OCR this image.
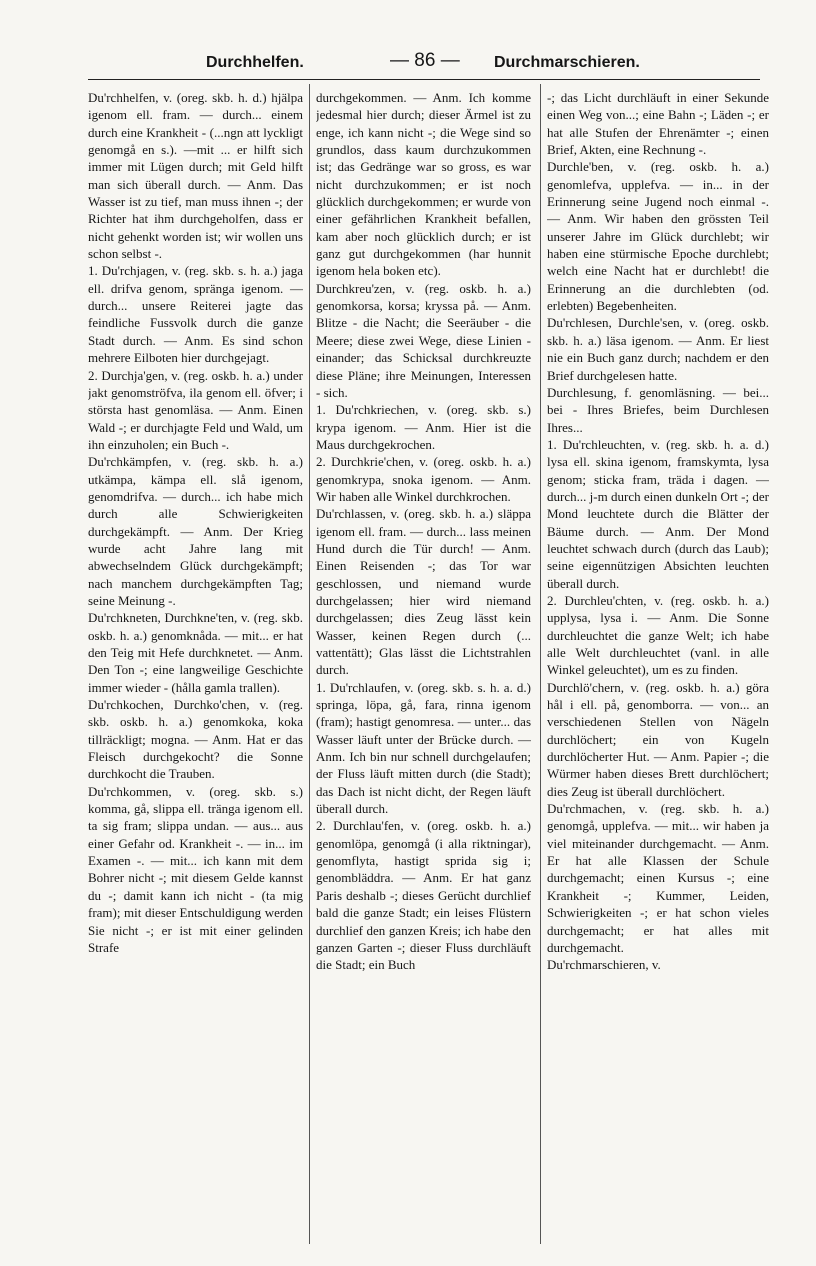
Durchhelfen.	— 86 — Durchmarschieren.

Du'rchhelfen, v. (oreg. skb. h. d.) hjälpa igenom ell. fram. — durch... einem durch eine Krankheit - (...ngn att lyckligt genomgå en s.). —mit ... er hilft sich immer mit Lügen durch; mit Geld hilft man sich überall durch. — Anm. Das Wasser ist zu tief, man muss ihnen -; der Richter hat ihm durchgeholfen, dass er nicht gehenkt worden ist; wir wollen uns schon selbst -.

1. Du'rchjagen, v. (reg. skb. s. h. a.) jaga ell. drifva genom, spränga igenom. — durch... unsere Reiterei jagte das feindliche Fussvolk durch die ganze Stadt durch. — Anm. Es sind schon mehrere Eilboten hier durchgejagt.

2. Durchja'gen, v. (reg. oskb. h. a.) under jakt genomströfva, ila genom ell. öfver; i största hast genomläsa. — Anm. Einen Wald -; er durchjagte Feld und Wald, um ihn einzuholen; ein Buch -.

Du'rchkämpfen, v. (reg. skb. h. a.) utkämpa, kämpa ell. slå igenom, genomdrifva. — durch... ich habe mich durch alle Schwierigkeiten durchgekämpft. — Anm. Der Krieg wurde acht Jahre lang mit abwechselndem Glück durchgekämpft; nach manchem durchgekämpften Tag; seine Meinung -.

Du'rchkneten, Durchkne'ten, v. (reg. skb. oskb. h. a.) genomknåda. — mit... er hat den Teig mit Hefe durchknetet. — Anm. Den Ton -; eine langweilige Geschichte immer wieder - (hålla gamla trallen).

Du'rchkochen, Durchko'chen, v. (reg. skb. oskb. h. a.) genomkoka, koka tillräckligt; mogna. — Anm. Hat er das Fleisch durchgekocht? die Sonne durchkocht die Trauben.

Du'rchkommen, v. (oreg. skb. s.) komma, gå, slippa ell. tränga igenom ell. ta sig fram; slippa undan. — aus... aus einer Gefahr od. Krankheit -. — in... im Examen -. — mit... ich kann mit dem Bohrer nicht -; mit diesem Gelde kannst du -; damit kann ich nicht - (ta mig fram); mit dieser Entschuldigung werden Sie nicht -; er ist mit einer gelinden Strafe

durchgekommen. — Anm. Ich komme jedesmal hier durch; dieser Ärmel ist zu enge, ich kann nicht -; die Wege sind so grundlos, dass kaum durchzukommen ist; das Gedränge war so gross, es war nicht durchzukommen; er ist noch glücklich durchgekommen; er wurde von einer gefährlichen Krankheit befallen, kam aber noch glücklich durch; er ist ganz gut durchgekommen (har hunnit igenom hela boken etc).

Durchkreu'zen, v. (reg. oskb. h. a.) genomkorsa, korsa; kryssa på. — Anm. Blitze - die Nacht; die Seeräuber - die Meere; diese zwei Wege, diese Linien - einander; das Schicksal durchkreuzte diese Pläne; ihre Meinungen, Interessen - sich.

1. Du'rchkriechen, v. (oreg. skb. s.) krypa igenom. — Anm. Hier ist die Maus durchgekrochen.

2. Durchkrie'chen, v. (oreg. oskb. h. a.) genomkrypa, snoka igenom. — Anm. Wir haben alle Winkel durchkrochen.

Du'rchlassen, v. (oreg. skb. h. a.) släppa igenom ell. fram. — durch... lass meinen Hund durch die Tür durch! — Anm. Einen Reisenden -; das Tor war geschlossen, und niemand wurde durchgelassen; hier wird niemand durchgelassen; dies Zeug lässt kein Wasser, keinen Regen durch (... vattentätt); Glas lässt die Lichtstrahlen durch.

1. Du'rchlaufen, v. (oreg. skb. s. h. a. d.) springa, löpa, gå, fara, rinna igenom (fram); hastigt genomresa. — unter... das Wasser läuft unter der Brücke durch. — Anm. Ich bin nur schnell durchgelaufen; der Fluss läuft mitten durch (die Stadt); das Dach ist nicht dicht, der Regen läuft überall durch.

2. Durchlau'fen, v. (oreg. oskb. h. a.) genomlöpa, genomgå (i alla riktningar), genomflyta, hastigt sprida sig i; genombläddra. — Anm. Er hat ganz Paris deshalb -; dieses Gerücht durchlief bald die ganze Stadt; ein leises Flüstern durchlief den ganzen Kreis; ich habe den ganzen Garten -; dieser Fluss durchläuft die Stadt; ein Buch

-; das Licht durchläuft in einer Sekunde einen Weg von...; eine Bahn -; Läden -; er hat alle Stufen der Ehrenämter -; einen Brief, Akten, eine Rechnung -.

Durchle'ben, v. (reg. oskb. h. a.) genomlefva, upplefva. — in... in der Erinnerung seine Jugend noch einmal -. — Anm. Wir haben den grössten Teil unserer Jahre im Glück durchlebt; wir haben eine stürmische Epoche durchlebt; welch eine Nacht hat er durchlebt! die Erinnerung an die durchlebten (od. erlebten) Begebenheiten.

Du'rchlesen, Durchle'sen, v. (oreg. oskb. skb. h. a.) läsa igenom. — Anm. Er liest nie ein Buch ganz durch; nachdem er den Brief durchgelesen hatte.

Durchlesung, f. genomläsning. — bei... bei - Ihres Briefes, beim Durchlesen Ihres...

1. Du'rchleuchten, v. (reg. skb. h. a. d.) lysa ell. skina igenom, framskymta, lysa genom; sticka fram, träda i dagen. — durch... j-m durch einen dunkeln Ort -; der Mond leuchtete durch die Blätter der Bäume durch. — Anm. Der Mond leuchtet schwach durch (durch das Laub); seine eigennützigen Absichten leuchten überall durch.

2. Durchleu'chten, v. (reg. oskb. h. a.) upplysa, lysa i. — Anm. Die Sonne durchleuchtet die ganze Welt; ich habe alle Welt durchleuchtet (vanl. in alle Winkel geleuchtet), um es zu finden.

Durchlö'chern, v. (reg. oskb. h. a.) göra hål i ell. på, genomborra. — von... an verschiedenen Stellen von Nägeln durchlöchert; ein von Kugeln durchlöcherter Hut. — Anm. Papier -; die Würmer haben dieses Brett durchlöchert; dies Zeug ist überall durchlöchert.

Du'rchmachen, v. (reg. skb. h. a.) genomgå, upplefva. — mit... wir haben ja viel miteinander durchgemacht. — Anm. Er hat alle Klassen der Schule durchgemacht; einen Kursus -; eine Krankheit -; Kummer, Leiden, Schwierigkeiten -; er hat schon vieles durchgemacht; er hat alles mit durchgemacht.

Du'rchmarschieren, v.
